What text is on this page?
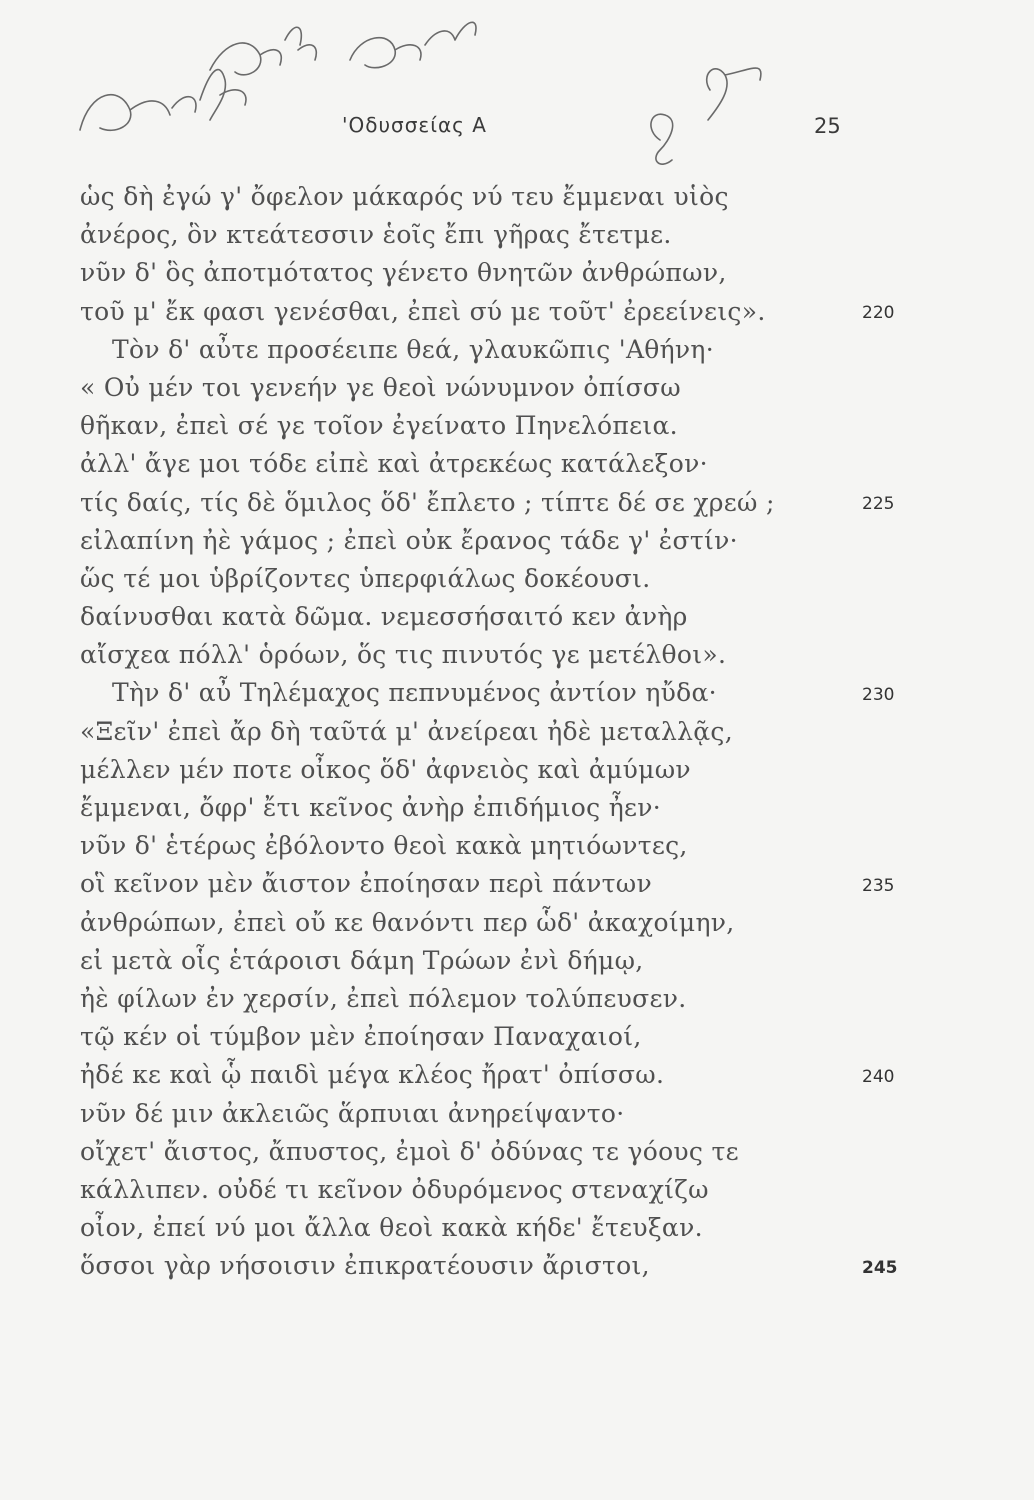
'Οδυσσείας Α	25
ὡς δὴ ἐγώ γ' ὄφελον μάκαρός νύ τευ ἔμμεναι υἱὸς
ἀνέρος, ὃν κτεάτεσσιν ἑοῖς ἔπι γῆρας ἔτετμε.
νῦν δ' ὃς ἀποτμότατος γένετο θνητῶν ἀνθρώπων,
τοῦ μ' ἔκ φασι γενέσθαι, ἐπεὶ σύ με τοῦτ' ἐρεείνεις».
Τὸν δ' αὖτε προσέειπε θεά, γλαυκῶπις 'Αθήνη·
« Οὐ μέν τοι γενεήν γε θεοὶ νώνυμνον ὀπίσσω
θῆκαν, ἐπεὶ σέ γε τοῖον ἐγείνατο Πηνελόπεια.
ἀλλ' ἄγε μοι τόδε εἰπὲ καὶ ἀτρεκέως κατάλεξον·
τίς δαίς, τίς δὲ ὅμιλος ὅδ' ἔπλετο ; τίπτε δέ σε χρεώ ;
εἰλαπίνη ἠὲ γάμος ; ἐπεὶ οὐκ ἔρανος τάδε γ' ἐστίν·
ὥς τέ μοι ὑβρίζοντες ὑπερφιάλως δοκέουσι.
δαίνυσθαι κατὰ δῶμα. νεμεσσήσαιτό κεν ἀνὴρ
αἴσχεα πόλλ' ὁρόων, ὅς τις πινυτός γε μετέλθοι».
Τὴν δ' αὖ Τηλέμαχος πεπνυμένος ἀντίον ηὔδα·
«Ξεῖν' ἐπεὶ ἄρ δὴ ταῦτά μ' ἀνείρεαι ἠδὲ μεταλλᾷς,
μέλλεν μέν ποτε οἶκος ὅδ' ἀφνειὸς καὶ ἀμύμων
ἔμμεναι, ὄφρ' ἔτι κεῖνος ἀνὴρ ἐπιδήμιος ἦεν·
νῦν δ' ἑτέρως ἐβόλοντο θεοὶ κακὰ μητιόωντες,
οἳ κεῖνον μὲν ἄιστον ἐποίησαν περὶ πάντων
ἀνθρώπων, ἐπεὶ οὔ κε θανόντι περ ὧδ' ἀκαχοίμην,
εἰ μετὰ οἷς ἑτάροισι δάμη Τρώων ἐνὶ δήμῳ,
ἠὲ φίλων ἐν χερσίν, ἐπεὶ πόλεμον τολύπευσεν.
τῷ κέν οἱ τύμβον μὲν ἐποίησαν Παναχαιοί,
ἠδέ κε καὶ ᾧ παιδὶ μέγα κλέος ἤρατ' ὀπίσσω.
νῦν δέ μιν ἀκλειῶς ἅρπυιαι ἀνηρείψαντο·
οἴχετ' ἄιστος, ἄπυστος, ἐμοὶ δ' ὀδύνας τε γόους τε
κάλλιπεν. οὐδέ τι κεῖνον ὀδυρόμενος στεναχίζω
οἶον, ἐπεί νύ μοι ἄλλα θεοὶ κακὰ κήδε' ἔτευξαν.
ὅσσοι γὰρ νήσοισιν ἐπικρατέουσιν ἄριστοι,
220
225
230
235
240
245
